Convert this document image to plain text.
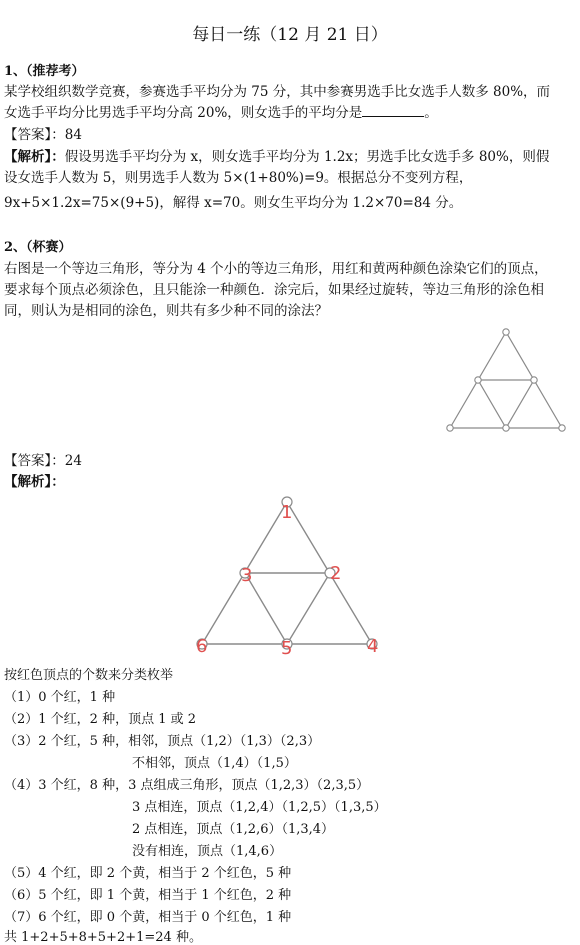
每日一练（12 月 21 日）
1、（推荐考）
某学校组织数学竞赛，参赛选手平均分为 75 分，其中参赛男选手比女选手人数多 80%，而
女选手平均分比男选手平均分高 20%，则女选手的平均分是	。
【答案】：84
【解析】：假设男选手平均分为 x，则女选手平均分为 1.2x；男选手比女选手多 80%，则假
设女选手人数为 5，则男选手人数为 5×(1+80%)=9。根据总分不变列方程，
9x+5×1.2x=75×(9+5)，解得 x=70。则女生平均分为 1.2×70=84 分。
2、（杯赛）
右图是一个等边三角形，等分为 4 个小的等边三角形，用红和黄两种颜色涂染它们的顶点，
要求每个顶点必须涂色，且只能涂一种颜色．涂完后，如果经过旋转，等边三角形的涂色相
同，则认为是相同的涂色，则共有多少种不同的涂法？
【答案】：24
【解析】：
1
2
3
4
5
6
按红色顶点的个数来分类枚举
（1）0 个红，1 种
（2）1 个红，2 种，顶点 1 或 2
（3）2 个红，5 种，相邻，顶点（1,2）（1,3）（2,3）
不相邻，顶点（1,4）（1,5）
（4）3 个红，8 种，3 点组成三角形，顶点（1,2,3）（2,3,5）
3 点相连，顶点（1,2,4）（1,2,5）（1,3,5）
2 点相连，顶点（1,2,6）（1,3,4）
没有相连，顶点（1,4,6）
（5）4 个红，即 2 个黄，相当于 2 个红色，5 种
（6）5 个红，即 1 个黄，相当于 1 个红色，2 种
（7）6 个红，即 0 个黄，相当于 0 个红色，1 种
共 1+2+5+8+5+2+1=24 种。
